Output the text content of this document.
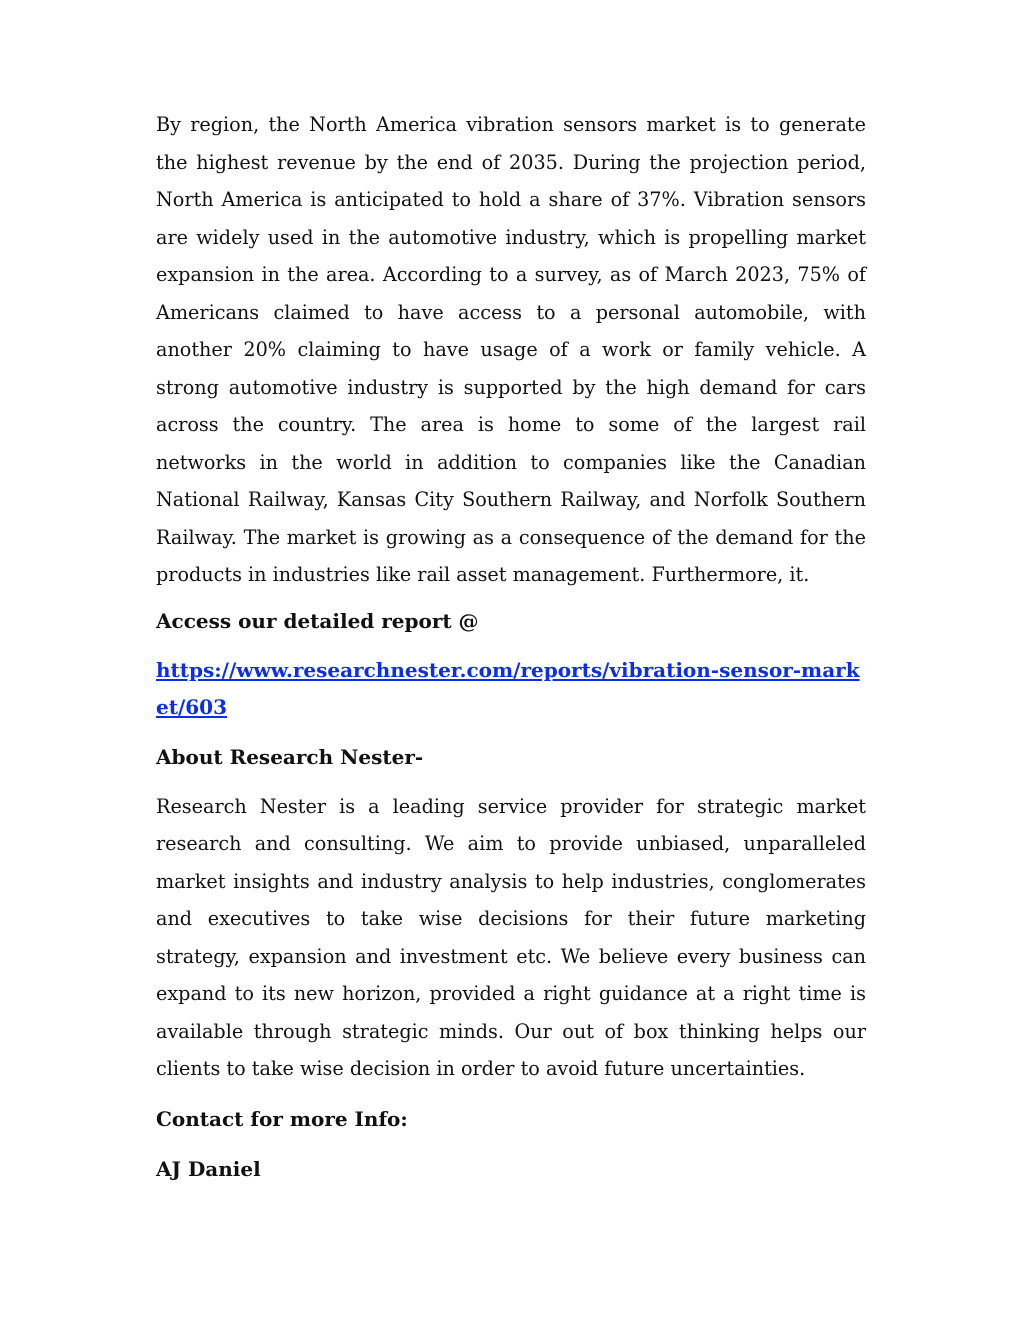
By region, the North America vibration sensors market is to generate the highest revenue by the end of 2035. During the projection period, North America is anticipated to hold a share of 37%. Vibration sensors are widely used in the automotive industry, which is propelling market expansion in the area. According to a survey, as of March 2023, 75% of Americans claimed to have access to a personal automobile, with another 20% claiming to have usage of a work or family vehicle. A strong automotive industry is supported by the high demand for cars across the country. The area is home to some of the largest rail networks in the world in addition to companies like the Canadian National Railway, Kansas City Southern Railway, and Norfolk Southern Railway. The market is growing as a consequence of the demand for the products in industries like rail asset management. Furthermore, it.

Access our detailed report @

https://www.researchnester.com/reports/vibration-sensor-market/603

About Research Nester-

Research Nester is a leading service provider for strategic market research and consulting. We aim to provide unbiased, unparalleled market insights and industry analysis to help industries, conglomerates and executives to take wise decisions for their future marketing strategy, expansion and investment etc. We believe every business can expand to its new horizon, provided a right guidance at a right time is available through strategic minds. Our out of box thinking helps our clients to take wise decision in order to avoid future uncertainties.

Contact for more Info:

AJ Daniel
